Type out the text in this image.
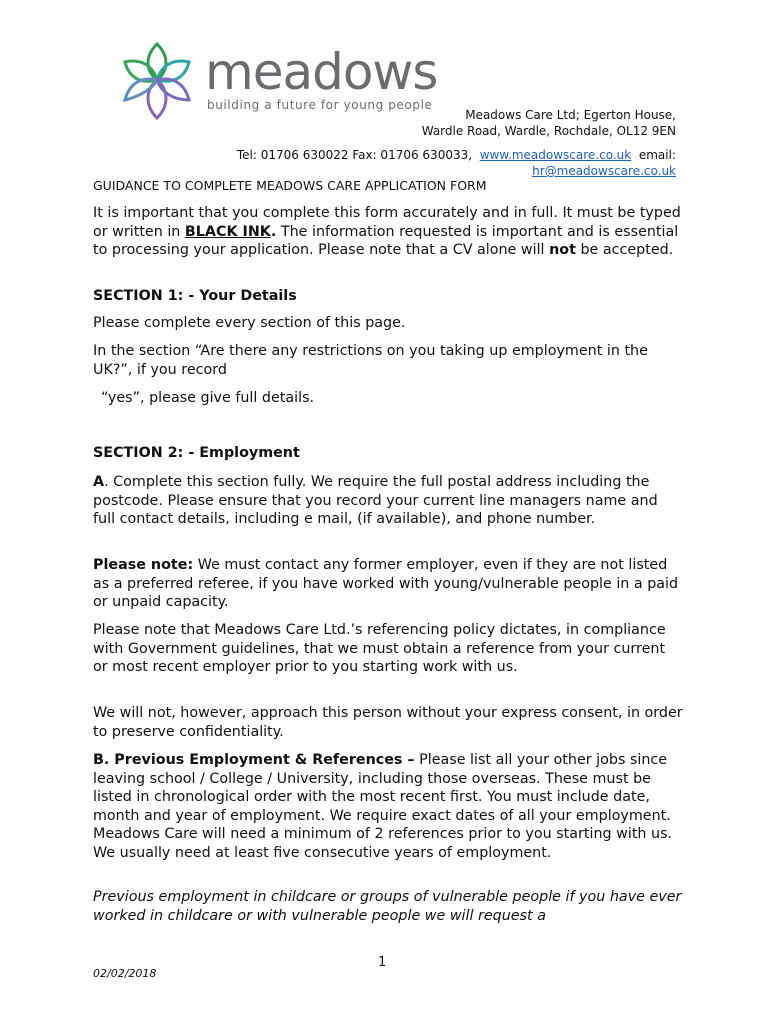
meadows
building a future for young people
Meadows Care Ltd; Egerton House,
Wardle Road, Wardle, Rochdale, OL12 9EN
Tel: 01706 630022 Fax: 01706 630033, www.meadowscare.co.uk email:
hr@meadowscare.co.uk
GUIDANCE TO COMPLETE MEADOWS CARE APPLICATION FORM

It is important that you complete this form accurately and in full. It must be typed or written in BLACK INK. The information requested is important and is essential to processing your application. Please note that a CV alone will not be accepted.

SECTION 1: - Your Details

Please complete every section of this page.

In the section “Are there any restrictions on you taking up employment in the UK?”, if you record

“yes”, please give full details.

SECTION 2: - Employment

A. Complete this section fully. We require the full postal address including the postcode. Please ensure that you record your current line managers name and full contact details, including e mail, (if available), and phone number.

Please note: We must contact any former employer, even if they are not listed as a preferred referee, if you have worked with young/vulnerable people in a paid or unpaid capacity.

Please note that Meadows Care Ltd.’s referencing policy dictates, in compliance with Government guidelines, that we must obtain a reference from your current or most recent employer prior to you starting work with us.

We will not, however, approach this person without your express consent, in order to preserve confidentiality.

B. Previous Employment & References – Please list all your other jobs since leaving school / College / University, including those overseas. These must be listed in chronological order with the most recent first. You must include date, month and year of employment. We require exact dates of all your employment. Meadows Care will need a minimum of 2 references prior to you starting with us. We usually need at least five consecutive years of employment.

Previous employment in childcare or groups of vulnerable people if you have ever worked in childcare or with vulnerable people we will request a

1
02/02/2018
